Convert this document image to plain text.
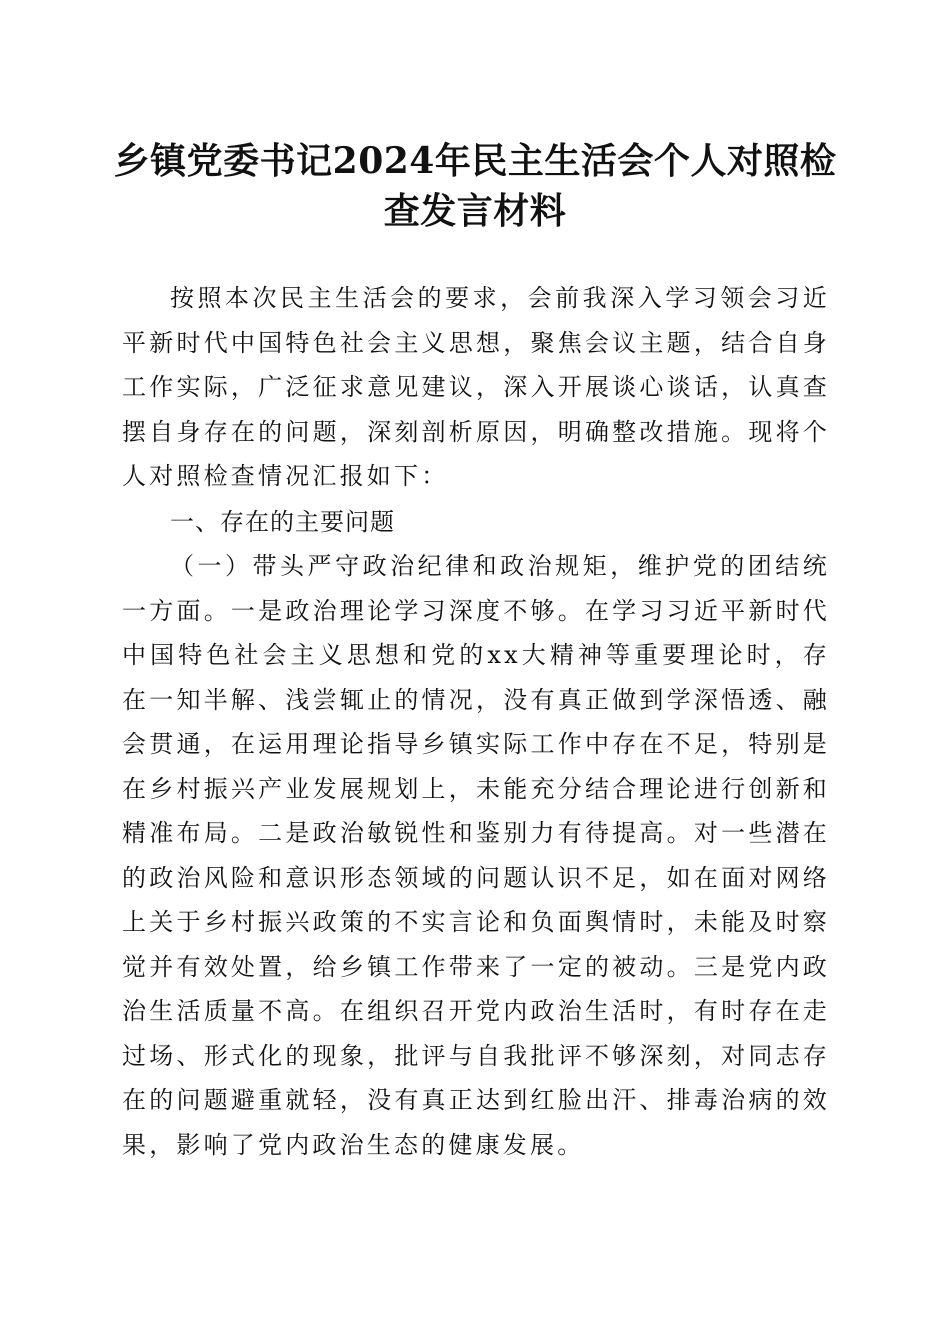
乡镇党委书记2024年民主生活会个人对照检
查发言材料

按照本次民主生活会的要求，会前我深入学习领会习近平新时代中国特色社会主义思想，聚焦会议主题，结合自身工作实际，广泛征求意见建议，深入开展谈心谈话，认真查摆自身存在的问题，深刻剖析原因，明确整改措施。现将个人对照检查情况汇报如下：

一、存在的主要问题

（一）带头严守政治纪律和政治规矩，维护党的团结统一方面。一是政治理论学习深度不够。在学习习近平新时代中国特色社会主义思想和党的xx大精神等重要理论时，存在一知半解、浅尝辄止的情况，没有真正做到学深悟透、融会贯通，在运用理论指导乡镇实际工作中存在不足，特别是在乡村振兴产业发展规划上，未能充分结合理论进行创新和精准布局。二是政治敏锐性和鉴别力有待提高。对一些潜在的政治风险和意识形态领域的问题认识不足，如在面对网络上关于乡村振兴政策的不实言论和负面舆情时，未能及时察觉并有效处置，给乡镇工作带来了一定的被动。三是党内政治生活质量不高。在组织召开党内政治生活时，有时存在走过场、形式化的现象，批评与自我批评不够深刻，对同志存在的问题避重就轻，没有真正达到红脸出汗、排毒治病的效果，影响了党内政治生态的健康发展。
